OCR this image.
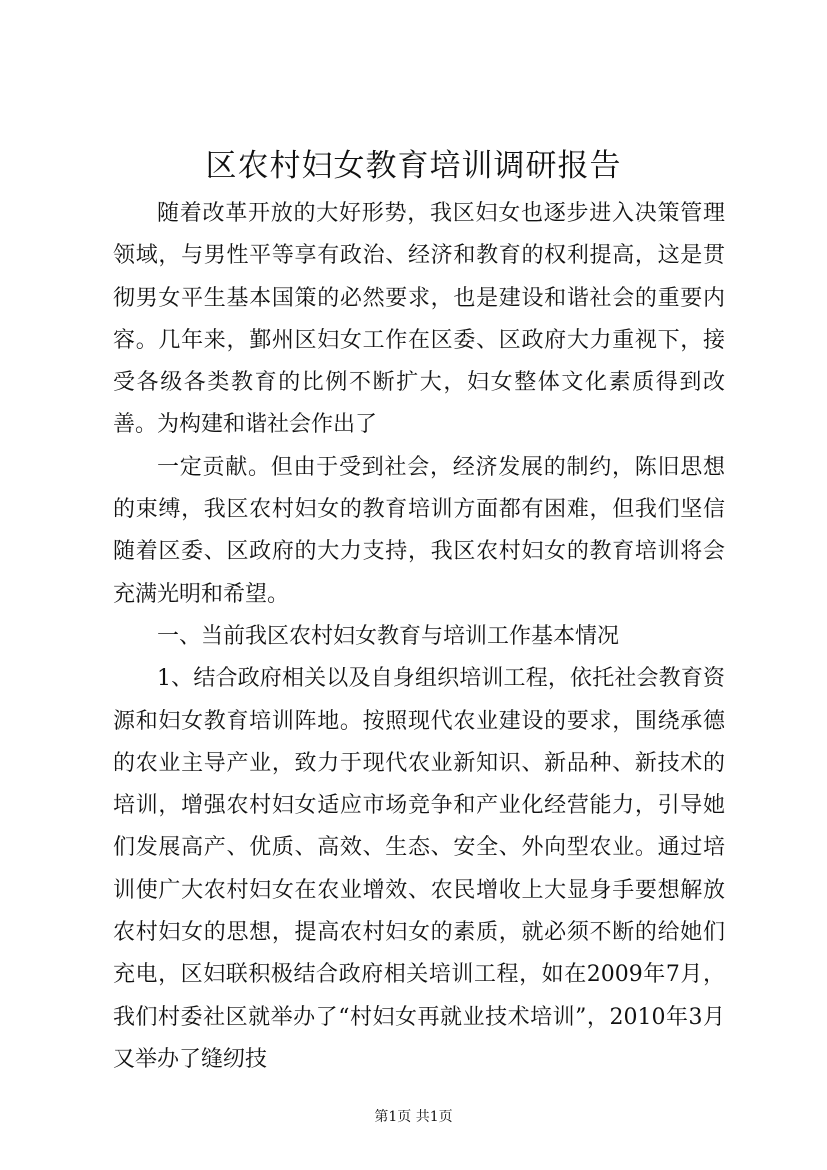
区农村妇女教育培训调研报告

随着改革开放的大好形势，我区妇女也逐步进入决策管理领域，与男性平等享有政治、经济和教育的权利提高，这是贯彻男女平生基本国策的必然要求，也是建设和谐社会的重要内容。几年来，鄞州区妇女工作在区委、区政府大力重视下，接受各级各类教育的比例不断扩大，妇女整体文化素质得到改善。为构建和谐社会作出了

一定贡献。但由于受到社会，经济发展的制约，陈旧思想的束缚，我区农村妇女的教育培训方面都有困难，但我们坚信随着区委、区政府的大力支持，我区农村妇女的教育培训将会充满光明和希望。

一、当前我区农村妇女教育与培训工作基本情况

1、结合政府相关以及自身组织培训工程，依托社会教育资源和妇女教育培训阵地。按照现代农业建设的要求，围绕承德的农业主导产业，致力于现代农业新知识、新品种、新技术的培训，增强农村妇女适应市场竞争和产业化经营能力，引导她们发展高产、优质、高效、生态、安全、外向型农业。通过培训使广大农村妇女在农业增效、农民增收上大显身手要想解放农村妇女的思想，提高农村妇女的素质，就必须不断的给她们充电，区妇联积极结合政府相关培训工程，如在2009年7月，我们村委社区就举办了“村妇女再就业技术培训”，2010年3月又举办了缝纫技

第1页 共1页
